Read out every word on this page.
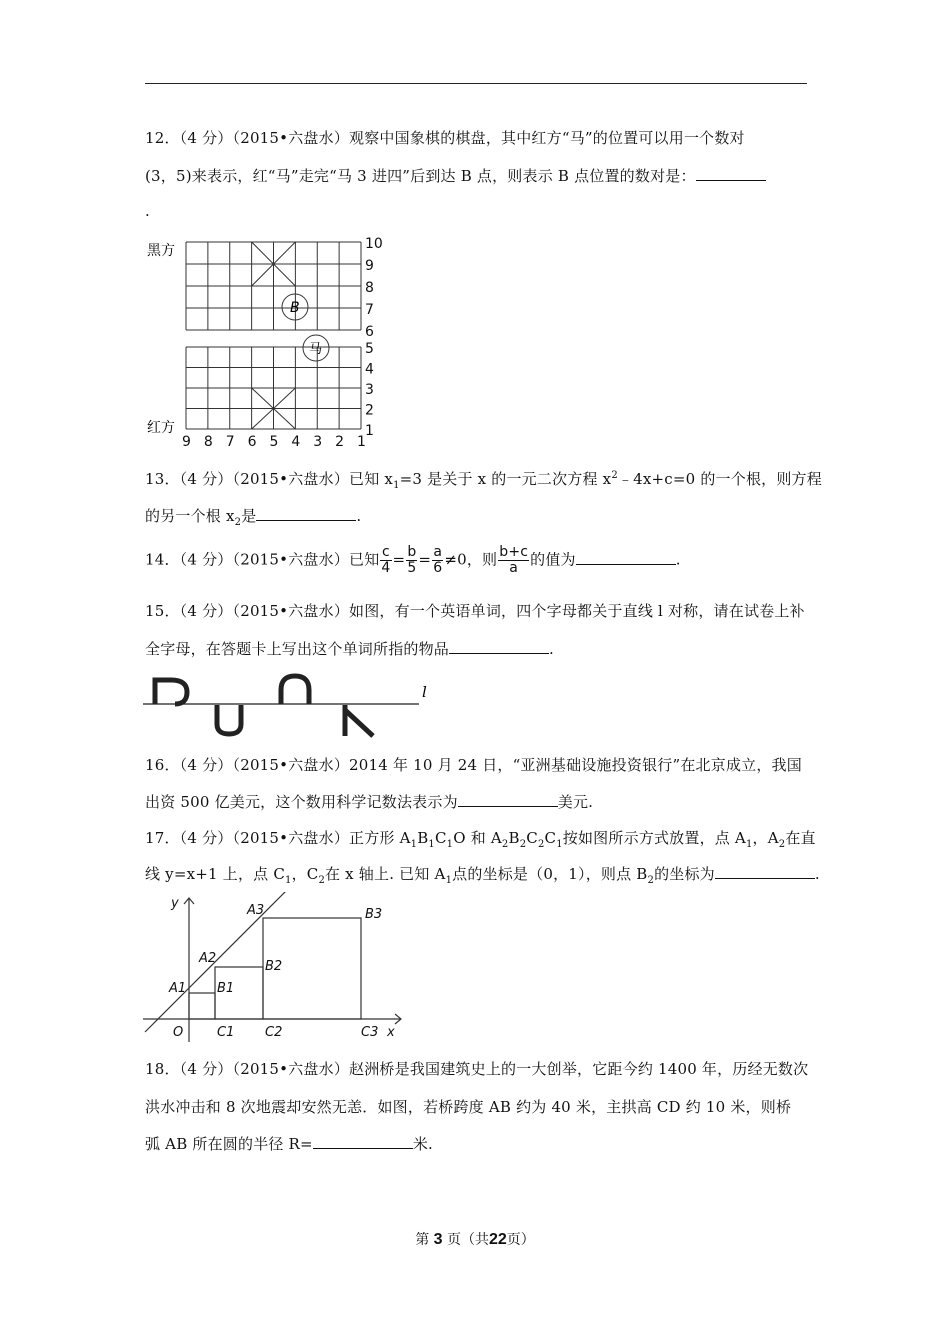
12．（4 分）（2015•六盘水）观察中国象棋的棋盘，其中红方“马”的位置可以用一个数对
(3，5)来表示，红“马”走完“马 3 进四”后到达 B 点，则表示 B 点位置的数对是：
.
黑方
红方
10
9
8
7
6
5
4
3
2
1
9 8 7 6 5 4 3 2 1
B
马
13．（4 分）（2015•六盘水）已知 $x_1=3$ 是关于 x 的一元二次方程 $x^2﹣4x+c=0$ 的一个根，则方程
的另一个根 $x_2$是	.
14．（4 分）（2015•六盘水）已知 $\frac{c}{4} = \frac{b}{5} = \frac{a}{6} \ne 0$，则 $\frac{b+c}{a}$ 的值为	.
15．（4 分）（2015•六盘水）如图，有一个英语单词，四个字母都关于直线 l 对称，请在试卷上补
全字母，在答题卡上写出这个单词所指的物品	.
l
16．（4 分）（2015•六盘水）2014 年 10 月 24 日，“亚洲基础设施投资银行”在北京成立，我国
出资 500 亿美元，这个数用科学记数法表示为	美元.
17．（4 分）（2015•六盘水）正方形 $A_1B_1C_1O$ 和 $A_2B_2C_2C_1$按如图所示方式放置，点 $A_1$，$A_2$在直
线 y=x+1 上，点 $C_1$，$C_2$在 x 轴上. 已知 $A_1$点的坐标是（0，1），则点 $B_2$的坐标为	.
y
x
O
A1
A2
A3
B1
B2
B3
C1 C2	C3
18．（4 分）（2015•六盘水）赵洲桥是我国建筑史上的一大创举，它距今约 1400 年，历经无数次
洪水冲击和 8 次地震却安然无恙．如图，若桥跨度 AB 约为 40 米，主拱高 CD 约 10 米，则桥
弧 AB 所在圆的半径 R=	米.
第 3 页（共22页）
